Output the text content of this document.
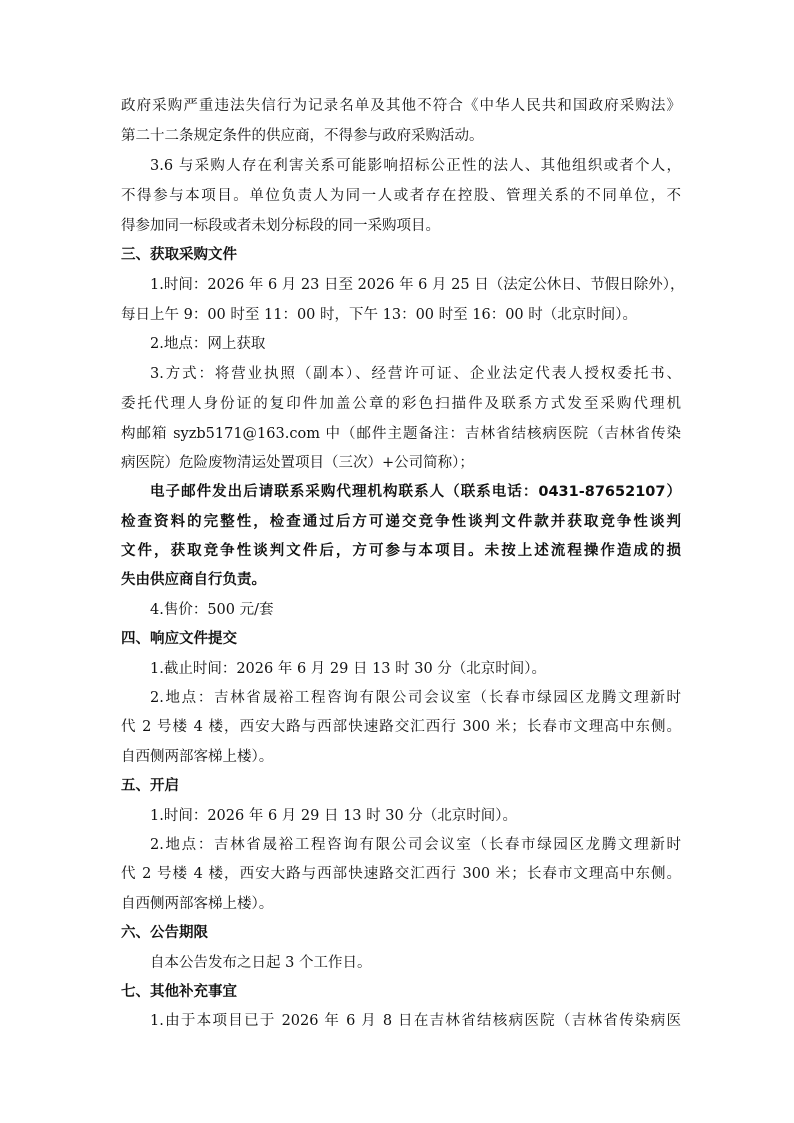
政府采购严重违法失信行为记录名单及其他不符合《中华人民共和国政府采购法》
第二十二条规定条件的供应商，不得参与政府采购活动。
3.6 与采购人存在利害关系可能影响招标公正性的法人、其他组织或者个人，
不得参与本项目。单位负责人为同一人或者存在控股、管理关系的不同单位，不
得参加同一标段或者未划分标段的同一采购项目。
三、获取采购文件
1.时间：2026 年 6 月 23 日至 2026 年 6 月 25 日（法定公休日、节假日除外），
每日上午 9：00 时至 11：00 时，下午 13：00 时至 16：00 时（北京时间）。
2.地点：网上获取
3.方式：将营业执照（副本）、经营许可证、企业法定代表人授权委托书、
委托代理人身份证的复印件加盖公章的彩色扫描件及联系方式发至采购代理机
构邮箱 syzb5171@163.com 中（邮件主题备注：吉林省结核病医院（吉林省传染
病医院）危险废物清运处置项目（三次）+公司简称）；
电子邮件发出后请联系采购代理机构联系人（联系电话：0431-87652107）
检查资料的完整性，检查通过后方可递交竞争性谈判文件款并获取竞争性谈判
文件，获取竞争性谈判文件后，方可参与本项目。未按上述流程操作造成的损
失由供应商自行负责。
4.售价：500 元/套
四、响应文件提交
1.截止时间：2026 年 6 月 29 日 13 时 30 分（北京时间）。
2.地点：吉林省晟裕工程咨询有限公司会议室（长春市绿园区龙腾文理新时
代 2 号楼 4 楼，西安大路与西部快速路交汇西行 300 米；长春市文理高中东侧。
自西侧两部客梯上楼）。
五、开启
1.时间：2026 年 6 月 29 日 13 时 30 分（北京时间）。
2.地点：吉林省晟裕工程咨询有限公司会议室（长春市绿园区龙腾文理新时
代 2 号楼 4 楼，西安大路与西部快速路交汇西行 300 米；长春市文理高中东侧。
自西侧两部客梯上楼）。
六、公告期限
自本公告发布之日起 3 个工作日。
七、其他补充事宜
1.由于本项目已于 2026 年 6 月 8 日在吉林省结核病医院（吉林省传染病医
